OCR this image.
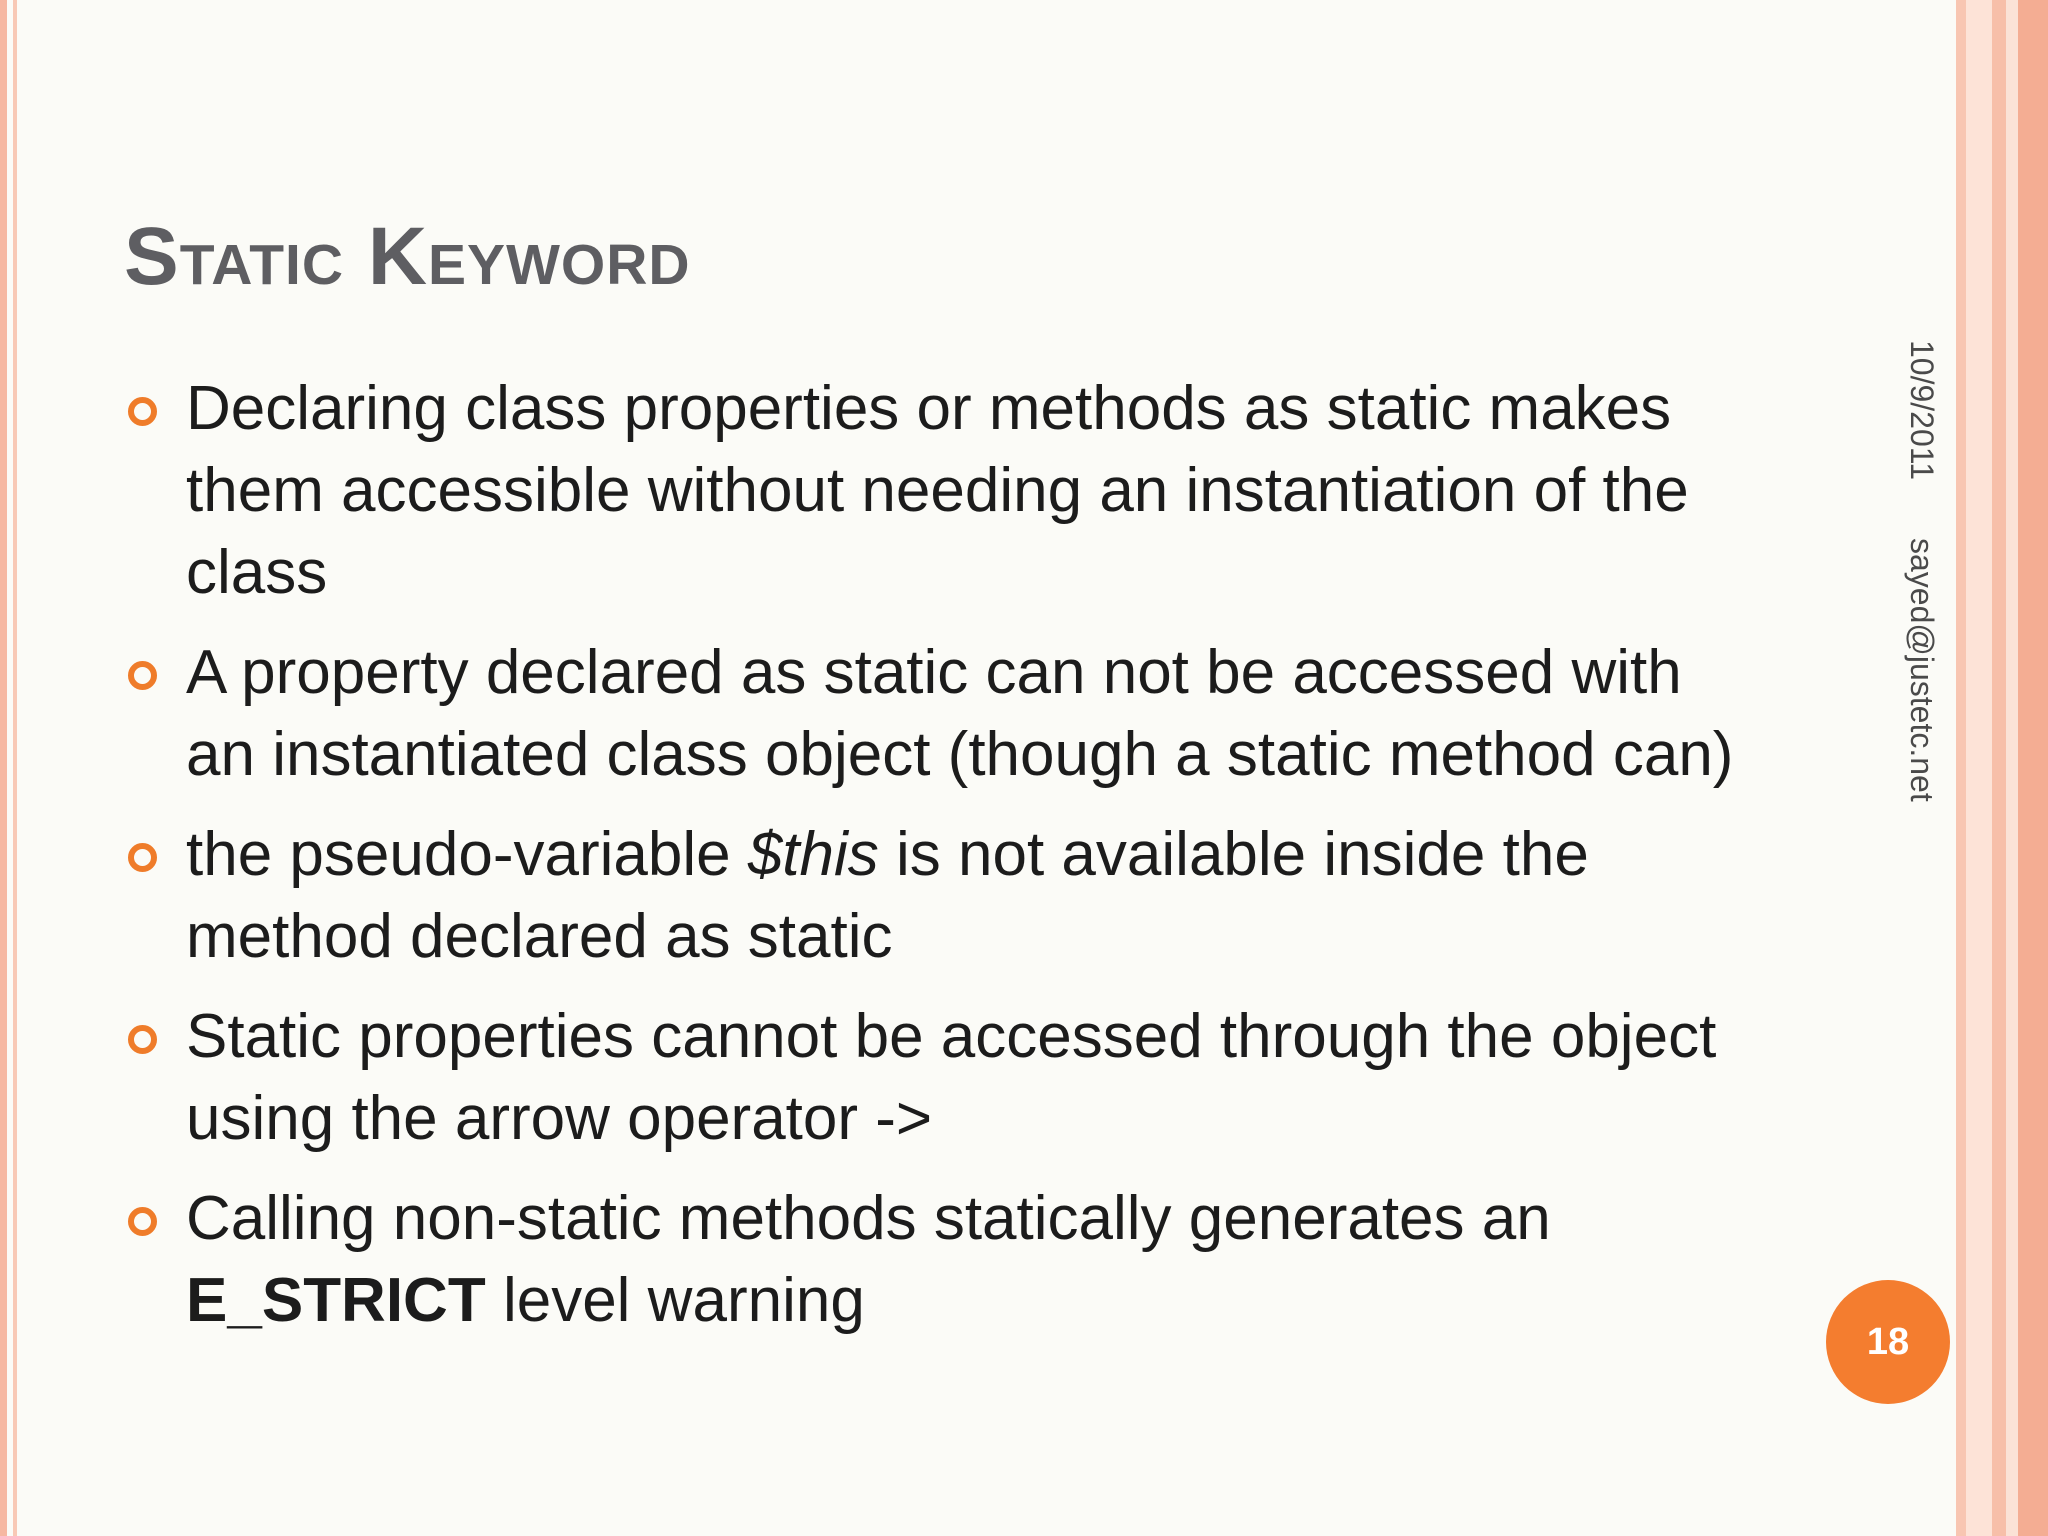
Static Keyword
Declaring class properties or methods as static makes them accessible without needing an instantiation of the class
A property declared as static can not be accessed with an instantiated class object (though a static method can)
the pseudo-variable $this is not available inside the method declared as static
Static properties cannot be accessed through the object using the arrow operator ->
Calling non-static methods statically generates an E_STRICT level warning
10/9/2011
sayed@justetc.net
18
